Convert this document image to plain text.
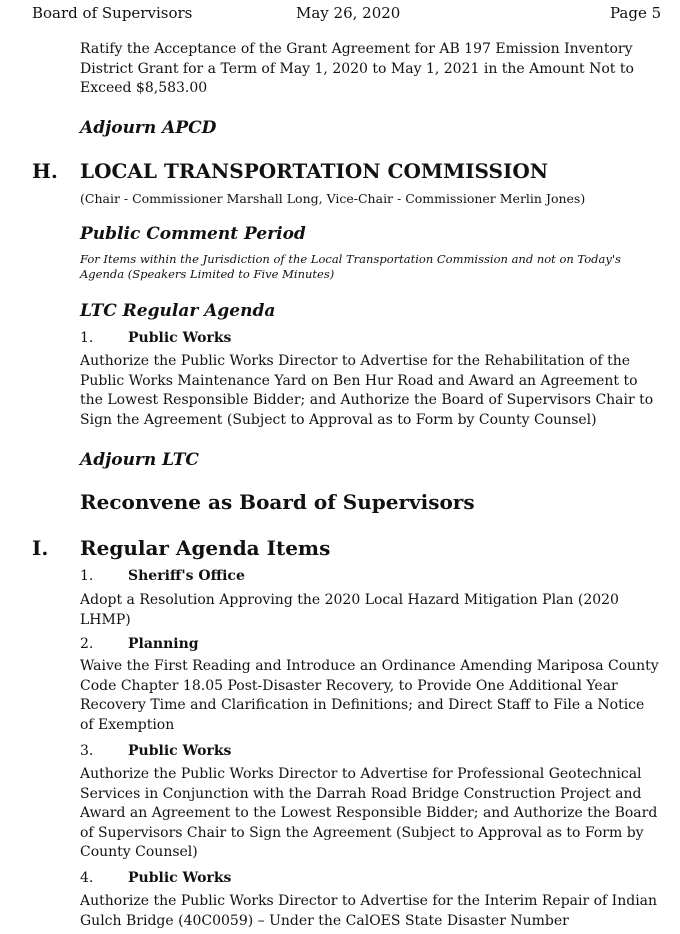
Board of Supervisors	May 26, 2020	Page 5
Ratify the Acceptance of the Grant Agreement for AB 197 Emission Inventory District Grant for a Term of May 1, 2020 to May 1, 2021 in the Amount Not to Exceed $8,583.00
Adjourn APCD
H. LOCAL TRANSPORTATION COMMISSION
(Chair - Commissioner Marshall Long, Vice-Chair - Commissioner Merlin Jones)
Public Comment Period
For Items within the Jurisdiction of the Local Transportation Commission and not on Today's Agenda (Speakers Limited to Five Minutes)
LTC Regular Agenda
1. Public Works
Authorize the Public Works Director to Advertise for the Rehabilitation of the Public Works Maintenance Yard on Ben Hur Road and Award an Agreement to the Lowest Responsible Bidder; and Authorize the Board of Supervisors Chair to Sign the Agreement (Subject to Approval as to Form by County Counsel)
Adjourn LTC
Reconvene as Board of Supervisors
I. Regular Agenda Items
1. Sheriff's Office
Adopt a Resolution Approving the 2020 Local Hazard Mitigation Plan (2020 LHMP)
2. Planning
Waive the First Reading and Introduce an Ordinance Amending Mariposa County Code Chapter 18.05 Post-Disaster Recovery, to Provide One Additional Year Recovery Time and Clarification in Definitions; and Direct Staff to File a Notice of Exemption
3. Public Works
Authorize the Public Works Director to Advertise for Professional Geotechnical Services in Conjunction with the Darrah Road Bridge Construction Project and Award an Agreement to the Lowest Responsible Bidder; and Authorize the Board of Supervisors Chair to Sign the Agreement (Subject to Approval as to Form by County Counsel)
4. Public Works
Authorize the Public Works Director to Advertise for the Interim Repair of Indian Gulch Bridge (40C0059) – Under the CalOES State Disaster Number
